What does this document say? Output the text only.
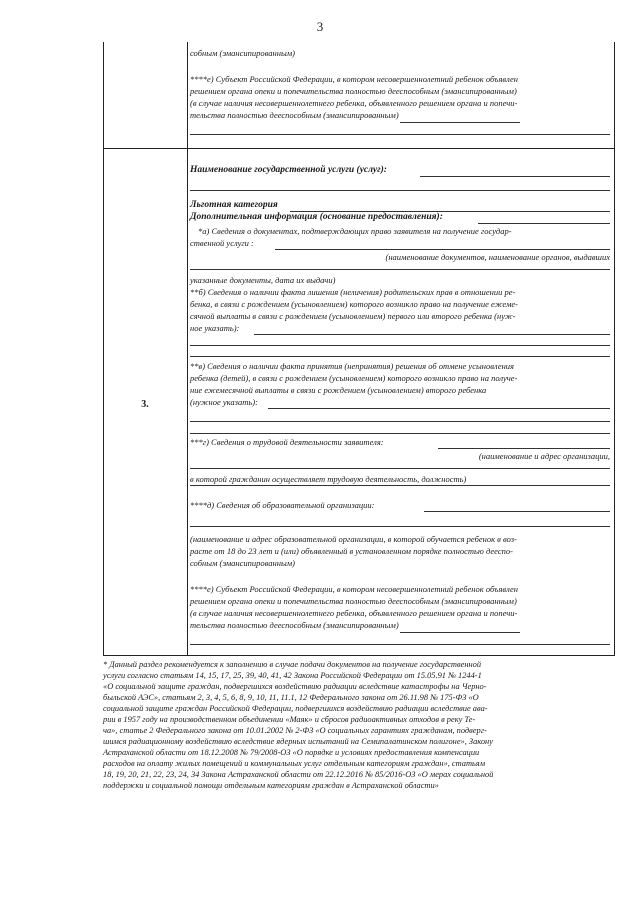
3
3.
собным (эмансипированным)
****е) Субъект Российской Федерации, в котором несовершеннолетний ребенок объявлен
решением органа опеки и попечительства полностью дееспособным (эмансипированным)
(в случае наличия несовершеннолетнего ребенка, объявленного решением органа и попечи-
тельства полностью дееспособным (эмансипированным)
Наименование государственной услуги (услуг):
Льготная категория
Дополнительная информация (основание предоставления):
*а) Сведения о документах, подтверждающих право заявителя на получение государ-
ственной услуги :
(наименование документов, наименование органов, выдавших
указанные документы, дата их выдачи)
**б) Сведения о наличии факта лишения (неличения) родительских прав в отношении ре-
бенка, в связи с рождением (усыновлением) которого возникло право на получение ежеме-
сячной выплаты в связи с рождением (усыновлением) первого или второго ребенка (нуж-
ное указать):
**в) Сведения о наличии факта принятия (непринятия) решения об отмене усыновления
ребенка (детей), в связи с рождением (усыновлением) которого возникло право на получе-
ние ежемесячной выплаты в связи с рождением (усыновлением) второго ребенка
(нужное указать):
***г) Сведения о трудовой деятельности заявителя:
(наименование и адрес организации,
в которой гражданин осуществляет трудовую деятельность, должность)
****д) Сведения об образовательной организации:
(наименование и адрес образовательной организации, в которой обучается ребенок в воз-
расте от 18 до 23 лет и (или) объявленный в установленном порядке полностью дееспо-
собным (эмансипированным)
****е) Субъект Российской Федерации, в котором несовершеннолетний ребенок объявлен
решением органа опеки и попечительства полностью дееспособным (эмансипированным)
(в случае наличия несовершеннолетнего ребенка, объявленного решением органа и попечи-
тельства полностью дееспособным (эмансипированным)
* Данный раздел рекомендуется к заполнению в случае подачи документов на получение государственной
услуги согласно статьям 14, 15, 17, 25, 39, 40, 41, 42 Закона Российской Федерации от 15.05.91 № 1244-1
«О социальной защите граждан, подвергшихся воздействию радиации вследствие катастрофы на Черно-
быльской АЭС», статьям 2, 3, 4, 5, 6, 8, 9, 10, 11, 11.1, 12 Федерального закона от 26.11.98 № 175-ФЗ «О
социальной защите граждан Российской Федерации, подвергшихся воздействию радиации вследствие ава-
рии в 1957 году на производственном объединении «Маяк» и сбросов радиоактивных отходов в реку Те-
ча», статье 2 Федерального закона от 10.01.2002 № 2-ФЗ «О социальных гарантиях гражданам, подверг-
шимся радиационному воздействию вследствие ядерных испытаний на Семипалатинском полигоне», Закону
Астраханской области от 18.12.2008 № 79/2008-ОЗ «О порядке и условиях предоставления компенсации
расходов на оплату жилых помещений и коммунальных услуг отдельным категориям граждан», статьям
18, 19, 20, 21, 22, 23, 24, 34 Закона Астраханской области от 22.12.2016 № 85/2016-ОЗ «О мерах социальной
поддержки и социальной помощи отдельным категориям граждан в Астраханской области»
